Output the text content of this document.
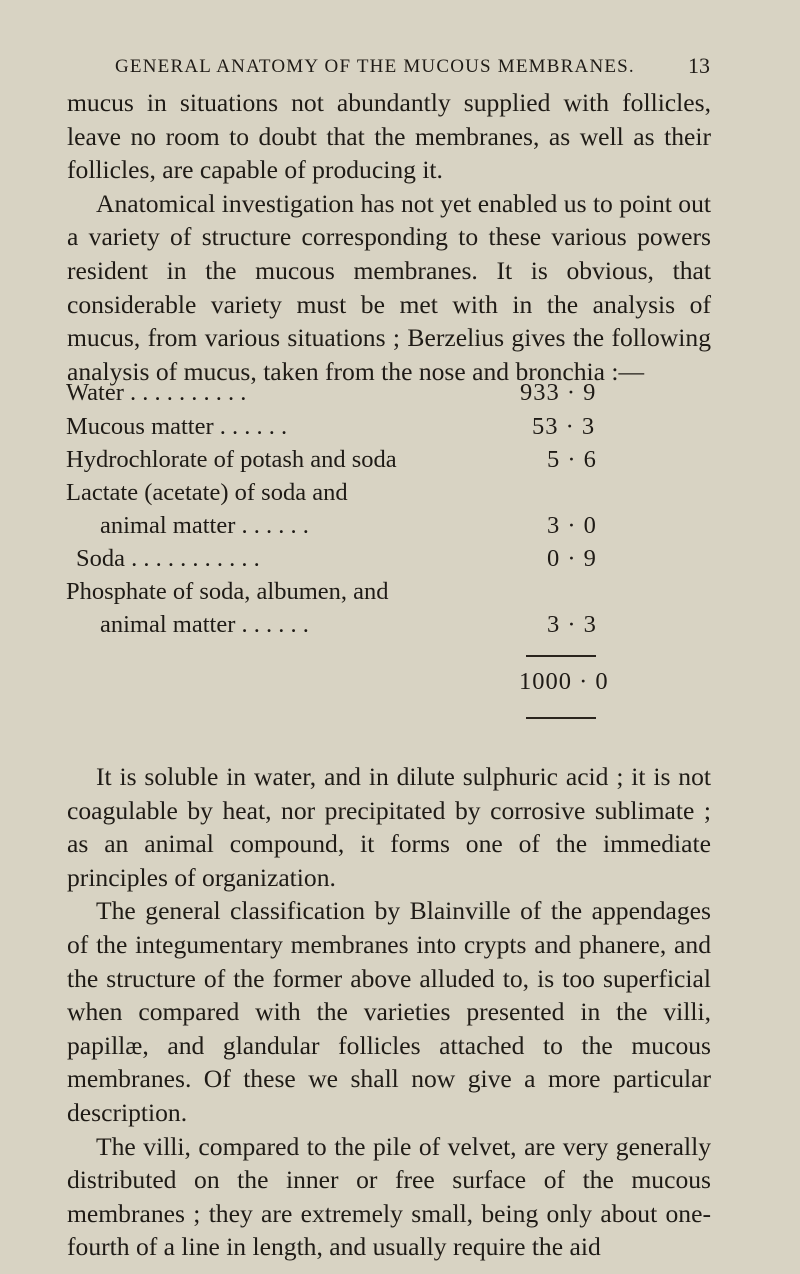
GENERAL ANATOMY OF THE MUCOUS MEMBRANES. 13

mucus in situations not abundantly supplied with follicles, leave no room to doubt that the membranes, as well as their follicles, are capable of producing it.

Anatomical investigation has not yet enabled us to point out a variety of structure corresponding to these various powers resident in the mucous membranes. It is obvious, that considerable variety must be met with in the analysis of mucus, from various situations ; Berzelius gives the following analysis of mucus, taken from the nose and bronchia :—

Water . . . . . . . . . .	933 · 9
Mucous matter . . . . . .	53 · 3
Hydrochlorate of potash and soda	5 · 6
Lactate (acetate) of soda and
animal matter . . . . . .	3 · 0
Soda . . . . . . . . . . .	0 · 9
Phosphate of soda, albumen, and
animal matter . . . . . .	3 · 3
1000 · 0

It is soluble in water, and in dilute sulphuric acid ; it is not coagulable by heat, nor precipitated by corrosive sublimate ; as an animal compound, it forms one of the immediate principles of organization.

The general classification by Blainville of the appendages of the integumentary membranes into crypts and phanere, and the structure of the former above alluded to, is too superficial when compared with the varieties presented in the villi, papillæ, and glandular follicles attached to the mucous membranes. Of these we shall now give a more particular description.

The villi, compared to the pile of velvet, are very generally distributed on the inner or free surface of the mucous membranes ; they are extremely small, being only about one-fourth of a line in length, and usually require the aid
